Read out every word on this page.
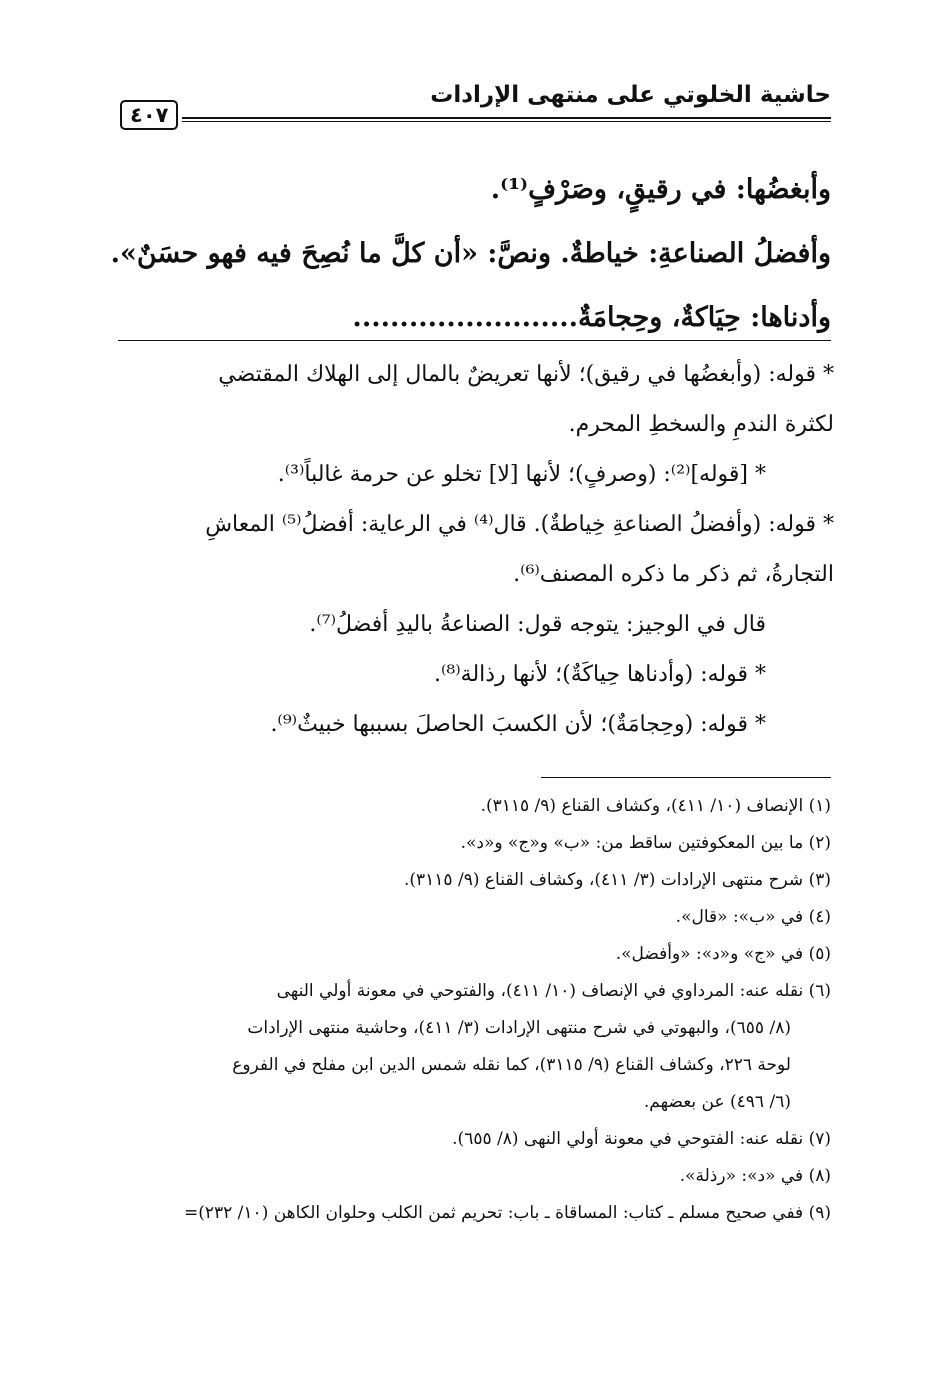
حاشية الخلوتي على منتهى الإرادات
٤٠٧
وأبغضُها: في رقيقٍ، وصَرْفٍ⁽¹⁾.
وأفضلُ الصناعةِ: خياطةٌ. ونصَّ: «أن كلَّ ما نُصِحَ فيه فهو حسَنٌ».
وأدناها: حِيَاكةٌ، وحِجامَةٌ........................
* قوله: (وأبغضُها في رقيق)؛ لأنها تعريضٌ بالمال إلى الهلاك المقتضي
لكثرة الندمِ والسخطِ المحرم.
* [قوله]⁽²⁾: (وصرفٍ)؛ لأنها [لا] تخلو عن حرمة غالباً⁽³⁾.
* قوله: (وأفضلُ الصناعةِ خِياطةٌ). قال⁽⁴⁾ في الرعاية: أفضلُ⁽⁵⁾ المعاشِ
التجارةُ، ثم ذكر ما ذكره المصنف⁽⁶⁾.
قال في الوجيز: يتوجه قول: الصناعةُ باليدِ أفضلُ⁽⁷⁾.
* قوله: (وأدناها حِياكَةٌ)؛ لأنها رذالة⁽⁸⁾.
* قوله: (وحِجامَةٌ)؛ لأن الكسبَ الحاصلَ بسببها خبيثٌ⁽⁹⁾.
(١) الإنصاف (١٠/ ٤١١)، وكشاف القناع (٩/ ٣١١٥).
(٢) ما بين المعكوفتين ساقط من: «ب» و«ج» و«د».
(٣) شرح منتهى الإرادات (٣/ ٤١١)، وكشاف القناع (٩/ ٣١١٥).
(٤) في «ب»: «قال».
(٥) في «ج» و«د»: «وأفضل».
(٦) نقله عنه: المرداوي في الإنصاف (١٠/ ٤١١)، والفتوحي في معونة أولي النهى
(٨/ ٦٥٥)، والبهوتي في شرح منتهى الإرادات (٣/ ٤١١)، وحاشية منتهى الإرادات
لوحة ٢٢٦، وكشاف القناع (٩/ ٣١١٥)، كما نقله شمس الدين ابن مفلح في الفروع
(٦/ ٤٩٦) عن بعضهم.
(٧) نقله عنه: الفتوحي في معونة أولي النهى (٨/ ٦٥٥).
(٨) في «د»: «رذلة».
(٩) ففي صحيح مسلم ـ كتاب: المساقاة ـ باب: تحريم ثمن الكلب وحلوان الكاهن (١٠/ ٢٣٢)=
